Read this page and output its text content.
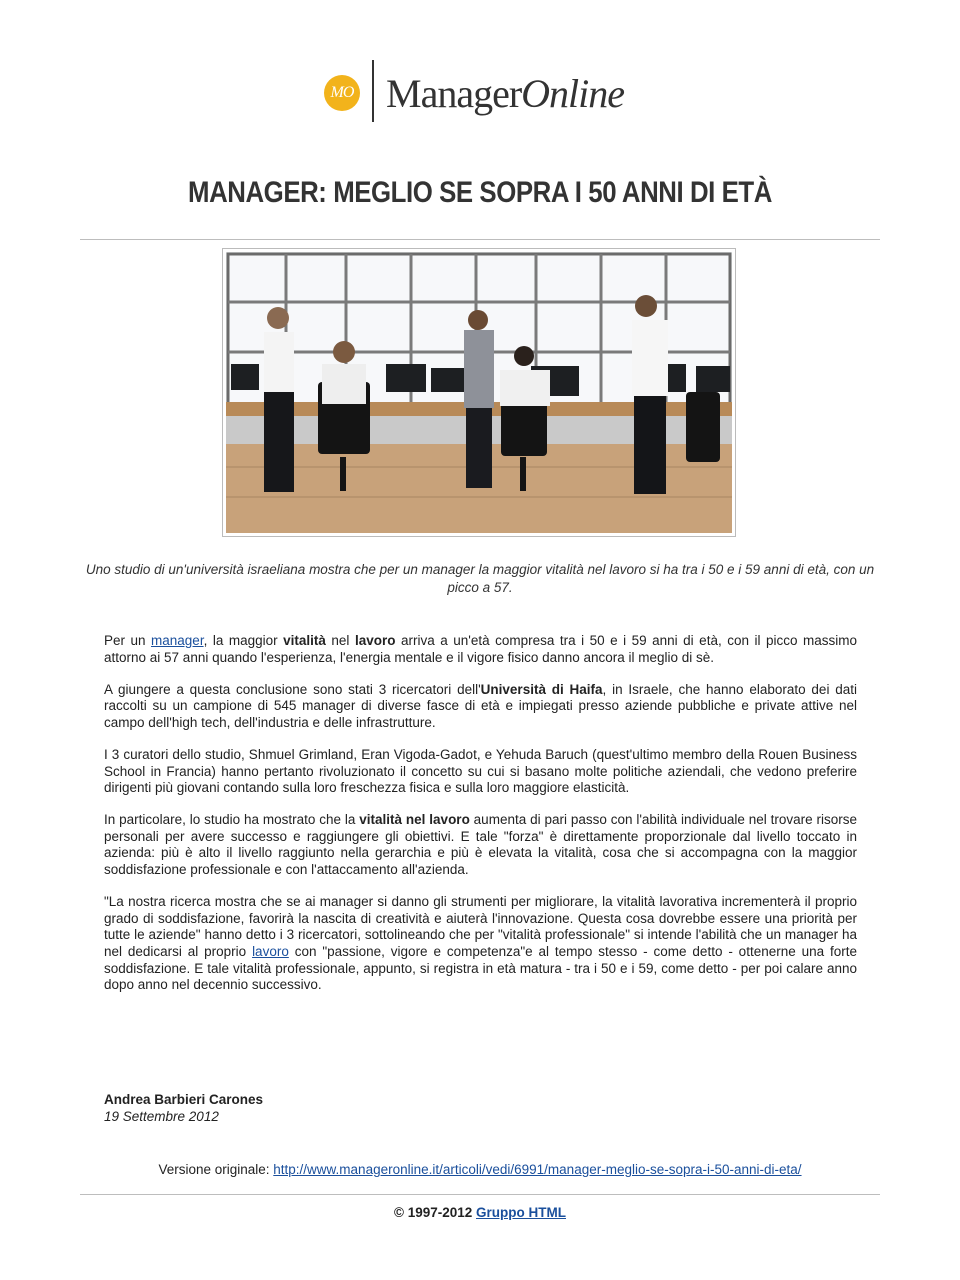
MO ManagerOnline
MANAGER: MEGLIO SE SOPRA I 50 ANNI DI ETÀ

Uno studio di un'università israeliana mostra che per un manager la maggior vitalità nel lavoro si ha tra i 50 e i 59 anni di età, con un picco a 57.

Per un manager, la maggior vitalità nel lavoro arriva a un'età compresa tra i 50 e i 59 anni di età, con il picco massimo attorno ai 57 anni quando l'esperienza, l'energia mentale e il vigore fisico danno ancora il meglio di sè.

A giungere a questa conclusione sono stati 3 ricercatori dell'Università di Haifa, in Israele, che hanno elaborato dei dati raccolti su un campione di 545 manager di diverse fasce di età e impiegati presso aziende pubbliche e private attive nel campo dell'high tech, dell'industria e delle infrastrutture.

I 3 curatori dello studio, Shmuel Grimland, Eran Vigoda-Gadot, e Yehuda Baruch (quest'ultimo membro della Rouen Business School in Francia) hanno pertanto rivoluzionato il concetto su cui si basano molte politiche aziendali, che vedono preferire dirigenti più giovani contando sulla loro freschezza fisica e sulla loro maggiore elasticità.

In particolare, lo studio ha mostrato che la vitalità nel lavoro aumenta di pari passo con l'abilità individuale nel trovare risorse personali per avere successo e raggiungere gli obiettivi. E tale "forza" è direttamente proporzionale dal livello toccato in azienda: più è alto il livello raggiunto nella gerarchia e più è elevata la vitalità, cosa che si accompagna con la maggior soddisfazione professionale e con l'attaccamento all'azienda.

"La nostra ricerca mostra che se ai manager si danno gli strumenti per migliorare, la vitalità lavorativa incrementerà il proprio grado di soddisfazione, favorirà la nascita di creatività e aiuterà l'innovazione. Questa cosa dovrebbe essere una priorità per tutte le aziende" hanno detto i 3 ricercatori, sottolineando che per "vitalità professionale" si intende l'abilità che un manager ha nel dedicarsi al proprio lavoro con "passione, vigore e competenza"e al tempo stesso - come detto - ottenerne una forte soddisfazione. E tale vitalità professionale, appunto, si registra in età matura - tra i 50 e i 59, come detto - per poi calare anno dopo anno nel decennio successivo.

Andrea Barbieri Carones
19 Settembre 2012
Versione originale: http://www.manageronline.it/articoli/vedi/6991/manager-meglio-se-sopra-i-50-anni-di-eta/
© 1997-2012 Gruppo HTML
